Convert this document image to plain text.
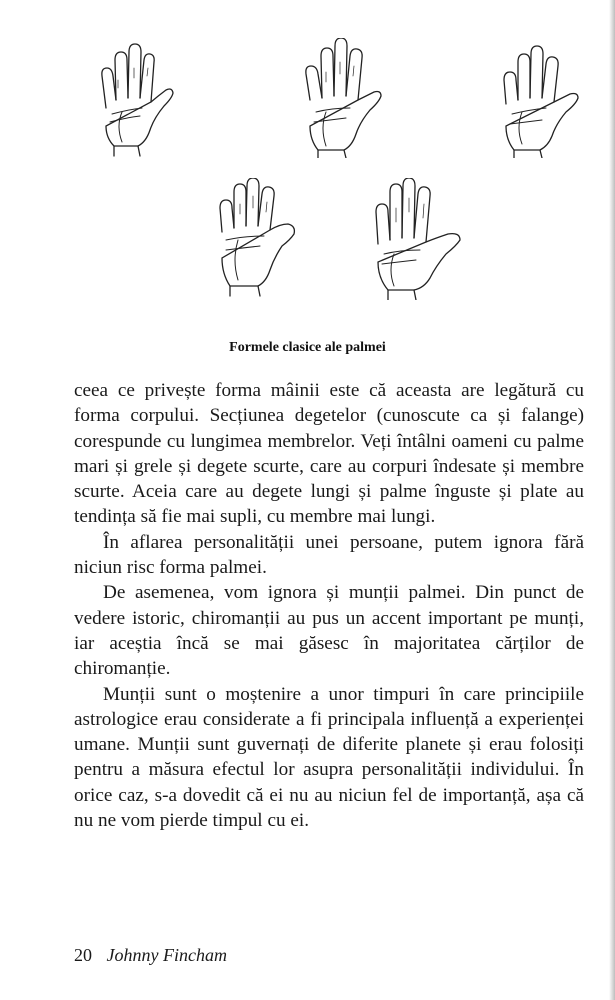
Formele clasice ale palmei

ceea ce privește forma mâinii este că aceasta are legătură cu forma corpului. Secțiunea degetelor (cunoscute ca și falange) corespunde cu lungimea membrelor. Veți întâlni oameni cu palme mari și grele și degete scurte, care au corpuri îndesate și membre scurte. Aceia care au degete lungi și palme înguste și plate au tendința să fie mai supli, cu membre mai lungi.

În aflarea personalității unei persoane, putem ignora fără niciun risc forma palmei.

De asemenea, vom ignora și munții palmei. Din punct de vedere istoric, chiromanții au pus un accent important pe munți, iar aceștia încă se mai găsesc în majoritatea cărților de chiromanție.

Munții sunt o moștenire a unor timpuri în care principiile astrologice erau considerate a fi principala influență a experienței umane. Munții sunt guvernați de diferite planete și erau folosiți pentru a măsura efectul lor asupra personalității individului. În orice caz, s-a dovedit că ei nu au niciun fel de importanță, așa că nu ne vom pierde timpul cu ei.

20 Johnny Fincham
